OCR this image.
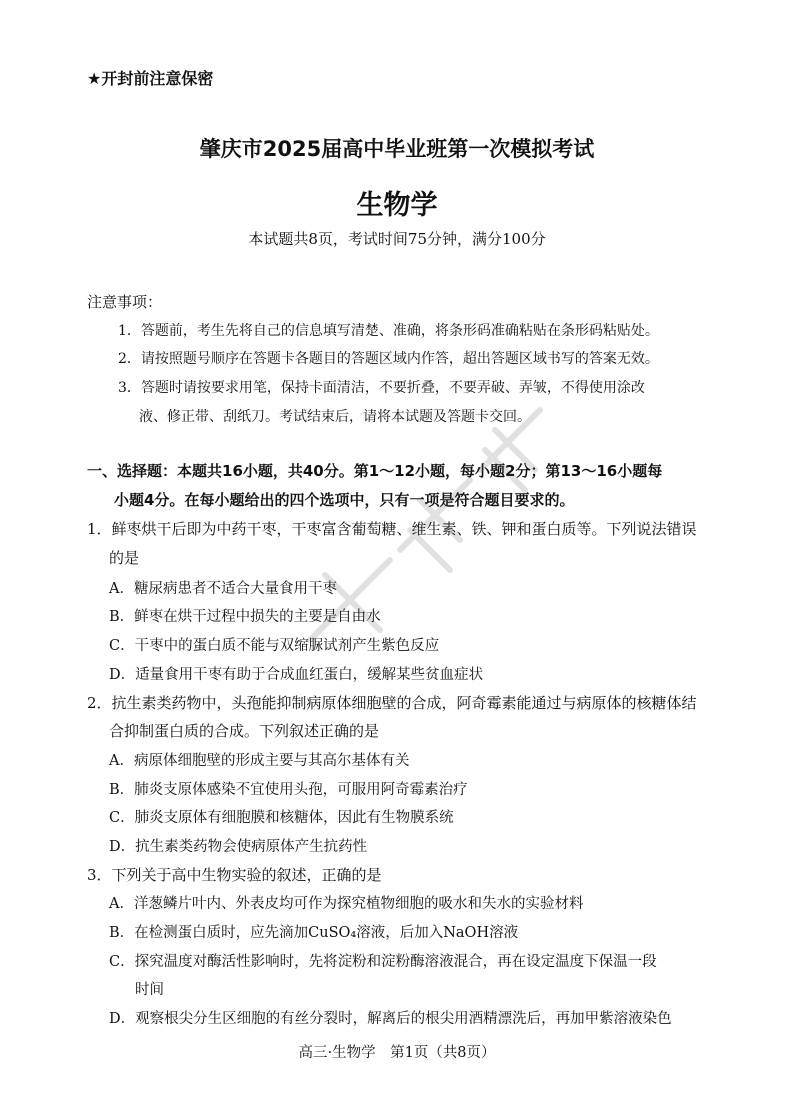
★开封前注意保密
肇庆市2025届高中毕业班第一次模拟考试
生物学
本试题共8页，考试时间75分钟，满分100分
注意事项：
1．答题前，考生先将自己的信息填写清楚、准确，将条形码准确粘贴在条形码粘贴处。
2．请按照题号顺序在答题卡各题目的答题区域内作答，超出答题区域书写的答案无效。
3．答题时请按要求用笔，保持卡面清洁，不要折叠，不要弄破、弄皱，不得使用涂改
液、修正带、刮纸刀。考试结束后，请将本试题及答题卡交回。
一、选择题：本题共16小题，共40分。第1～12小题，每小题2分；第13～16小题每
小题4分。在每小题给出的四个选项中，只有一项是符合题目要求的。
1．鲜枣烘干后即为中药干枣，干枣富含葡萄糖、维生素、铁、钾和蛋白质等。下列说法错误
的是
A．糖尿病患者不适合大量食用干枣
B．鲜枣在烘干过程中损失的主要是自由水
C．干枣中的蛋白质不能与双缩脲试剂产生紫色反应
D．适量食用干枣有助于合成血红蛋白，缓解某些贫血症状
2．抗生素类药物中，头孢能抑制病原体细胞壁的合成，阿奇霉素能通过与病原体的核糖体结
合抑制蛋白质的合成。下列叙述正确的是
A．病原体细胞壁的形成主要与其高尔基体有关
B．肺炎支原体感染不宜使用头孢，可服用阿奇霉素治疗
C．肺炎支原体有细胞膜和核糖体，因此有生物膜系统
D．抗生素类药物会使病原体产生抗药性
3．下列关于高中生物实验的叙述，正确的是
A．洋葱鳞片叶内、外表皮均可作为探究植物细胞的吸水和失水的实验材料
B．在检测蛋白质时，应先滴加CuSO₄溶液，后加入NaOH溶液
C．探究温度对酶活性影响时，先将淀粉和淀粉酶溶液混合，再在设定温度下保温一段
时间
D．观察根尖分生区细胞的有丝分裂时，解离后的根尖用酒精漂洗后，再加甲紫溶液染色
高三·生物学　第1页（共8页）
